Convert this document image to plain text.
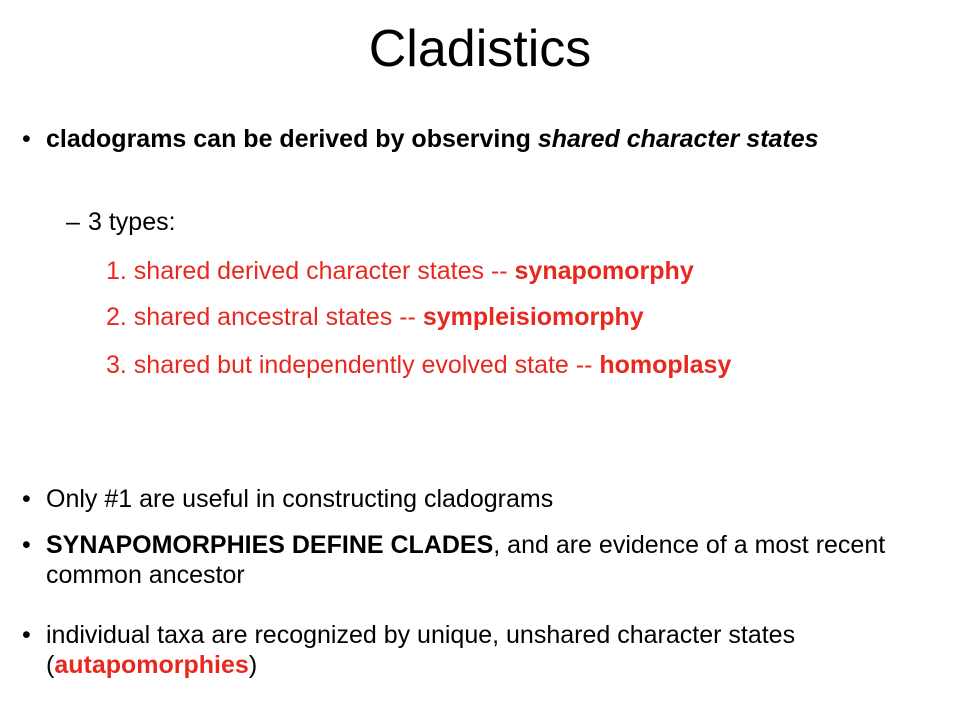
Cladistics
• cladograms can be derived by observing shared character states
– 3 types:
1. shared derived character states -- synapomorphy
2. shared ancestral states -- sympleisiomorphy
3. shared but independently evolved state -- homoplasy
• Only #1 are useful in constructing cladograms
• SYNAPOMORPHIES DEFINE CLADES, and are evidence of a most recent common ancestor
• individual taxa are recognized by unique, unshared character states (autapomorphies)
